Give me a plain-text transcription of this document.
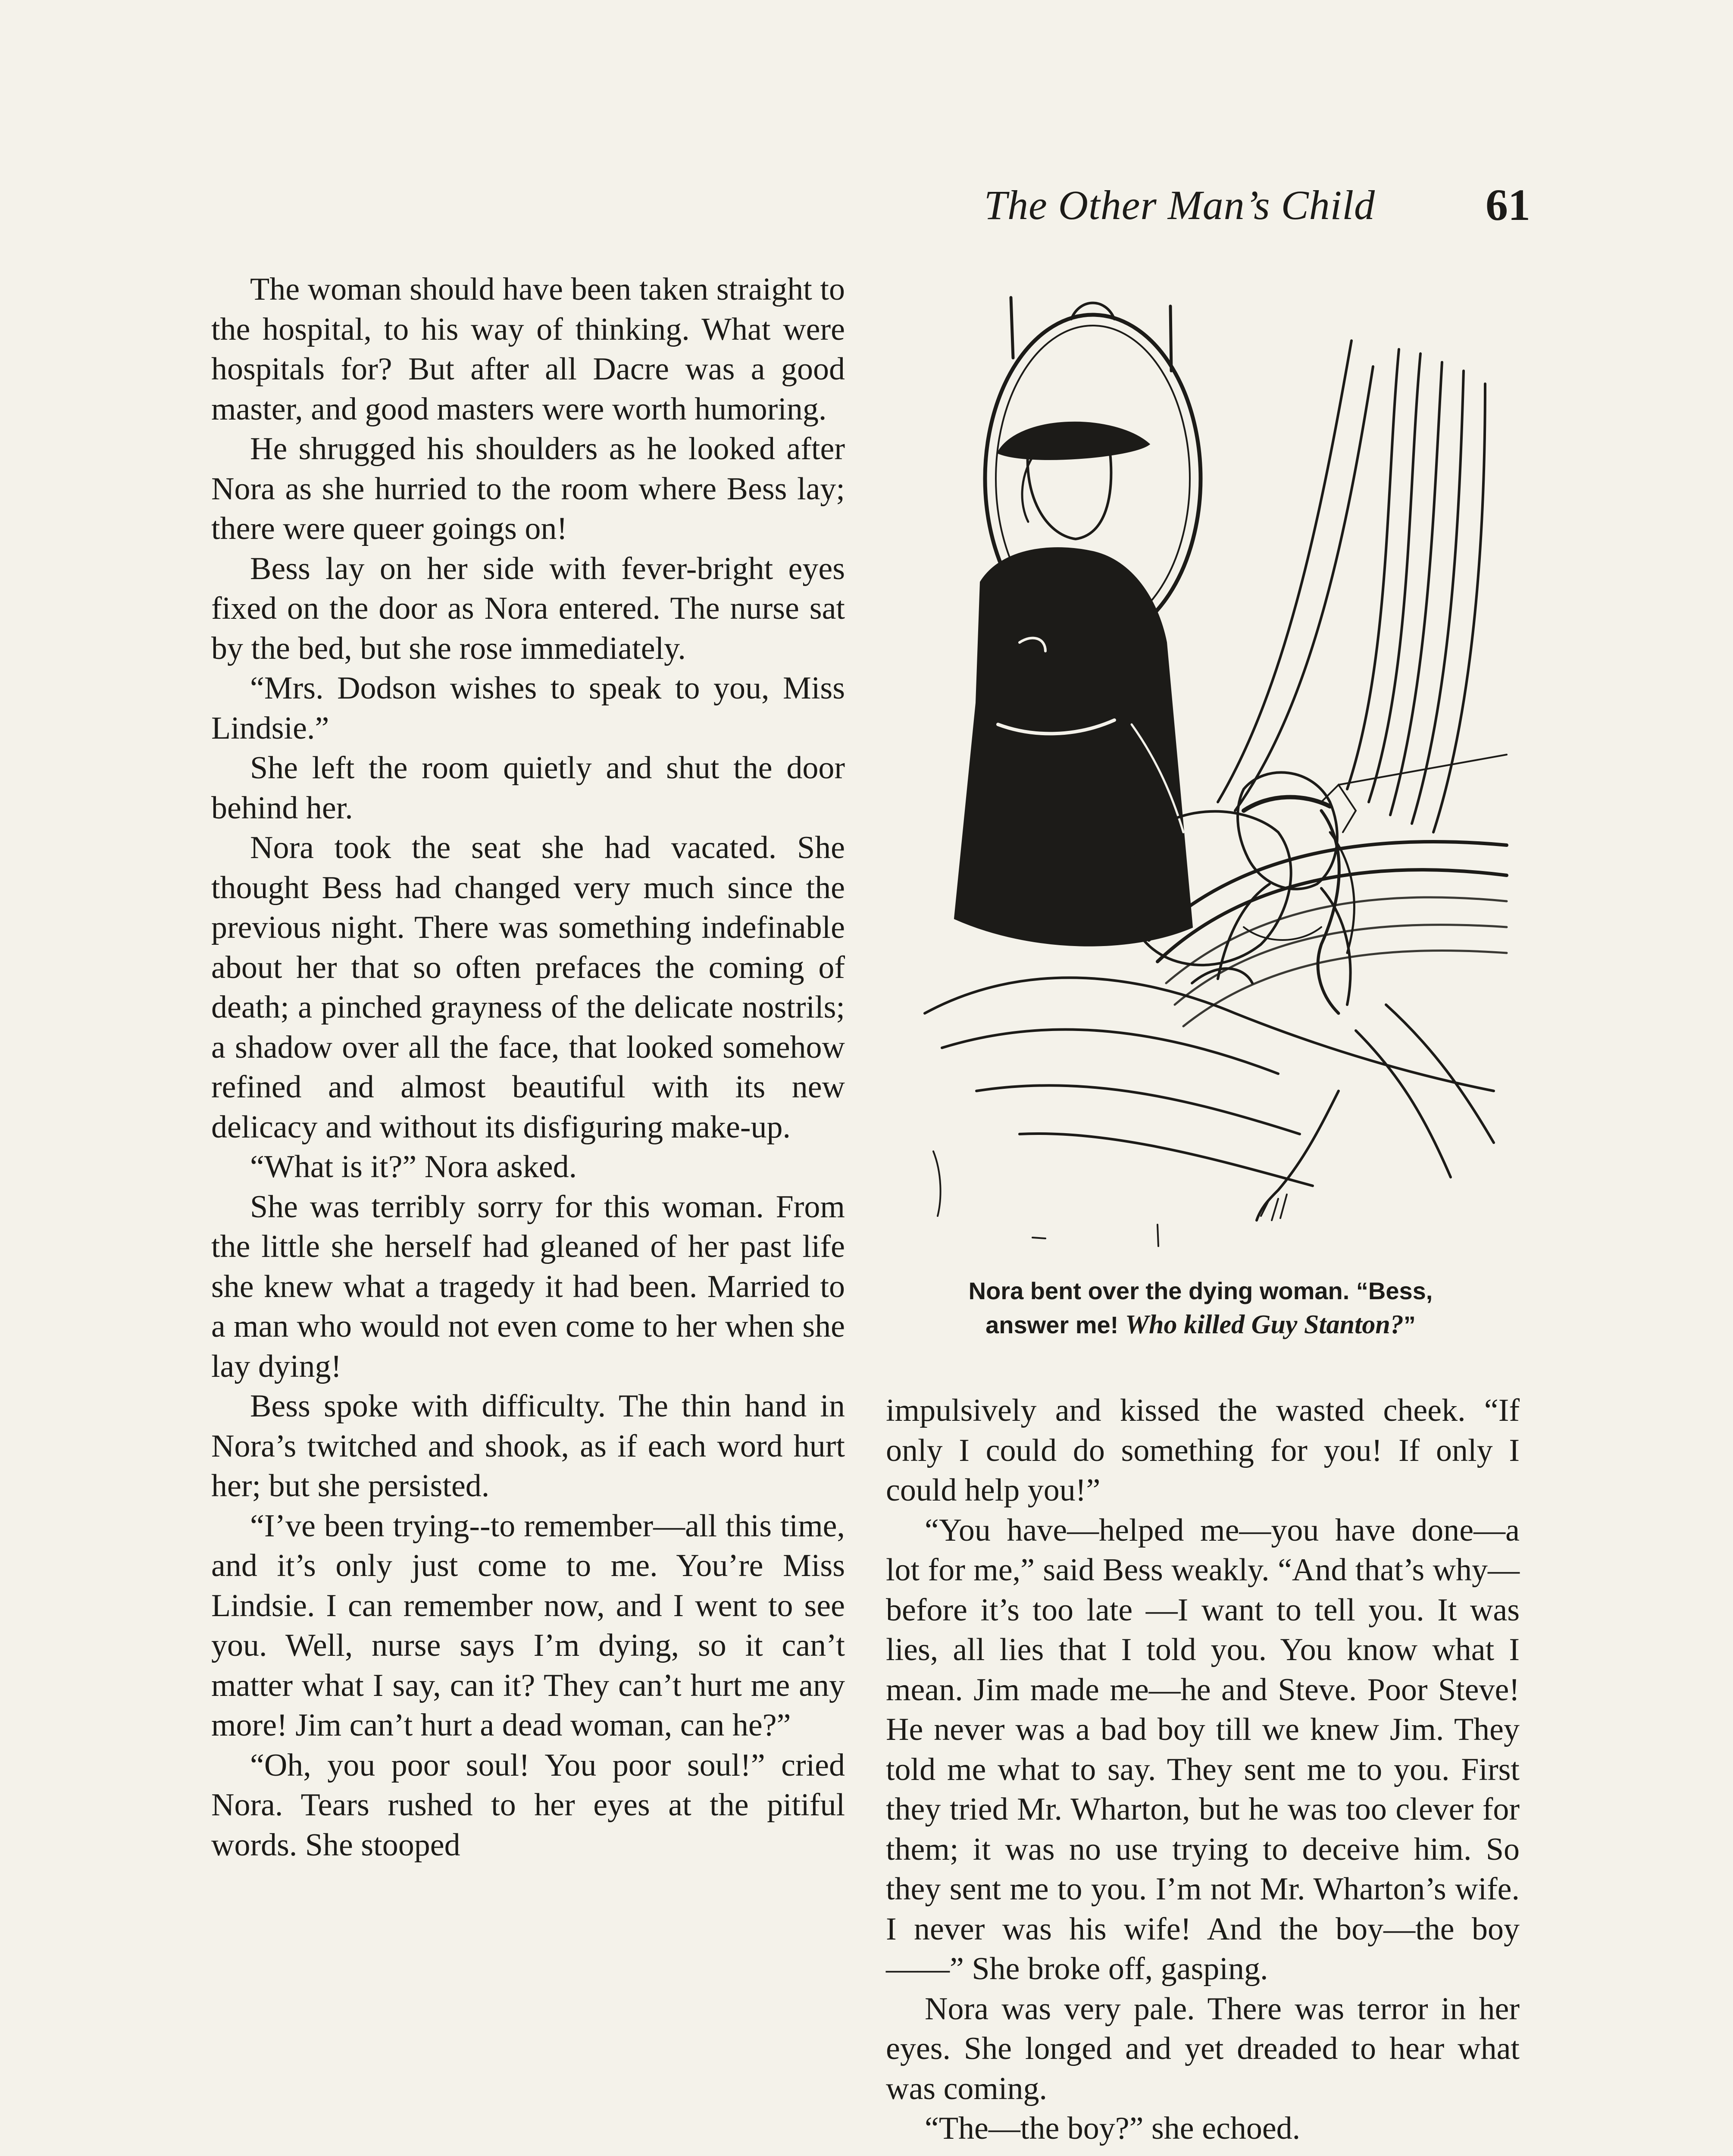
The Other Man’s Child 61

The woman should have been taken straight to the hospital, to his way of thinking. What were hospitals for? But after all Dacre was a good master, and good masters were worth humoring.

He shrugged his shoulders as he looked after Nora as she hurried to the room where Bess lay; there were queer goings on!

Bess lay on her side with fever-bright eyes fixed on the door as Nora entered. The nurse sat by the bed, but she rose immediately.

“Mrs. Dodson wishes to speak to you, Miss Lindsie.”

She left the room quietly and shut the door behind her.

Nora took the seat she had vacated. She thought Bess had changed very much since the previous night. There was something indefinable about her that so often prefaces the coming of death; a pinched grayness of the delicate nostrils; a shadow over all the face, that looked somehow refined and almost beautiful with its new delicacy and without its disfiguring make-up.

“What is it?” Nora asked.

She was terribly sorry for this woman. From the little she herself had gleaned of her past life she knew what a tragedy it had been. Married to a man who would not even come to her when she lay dying!

Bess spoke with difficulty. The thin hand in Nora’s twitched and shook, as if each word hurt her; but she persisted.

“I’ve been trying--to remember—all this time, and it’s only just come to me. You’re Miss Lindsie. I can remember now, and I went to see you. Well, nurse says I’m dying, so it can’t matter what I say, can it? They can’t hurt me any more! Jim can’t hurt a dead woman, can he?”

“Oh, you poor soul! You poor soul!” cried Nora. Tears rushed to her eyes at the pitiful words. She stooped

Nora bent over the dying woman. “Bess,
answer me! Who killed Guy Stanton?”

impulsively and kissed the wasted cheek. “If only I could do something for you! If only I could help you!”

“You have—helped me—you have done—a lot for me,” said Bess weakly. “And that’s why—before it’s too late —I want to tell you. It was lies, all lies that I told you. You know what I mean. Jim made me—he and Steve. Poor Steve! He never was a bad boy till we knew Jim. They told me what to say. They sent me to you. First they tried Mr. Wharton, but he was too clever for them; it was no use trying to deceive him. So they sent me to you. I’m not Mr. Wharton’s wife. I never was his wife! And the boy—the boy——” She broke off, gasping.

Nora was very pale. There was terror in her eyes. She longed and yet dreaded to hear what was coming.

“The—the boy?” she echoed.
